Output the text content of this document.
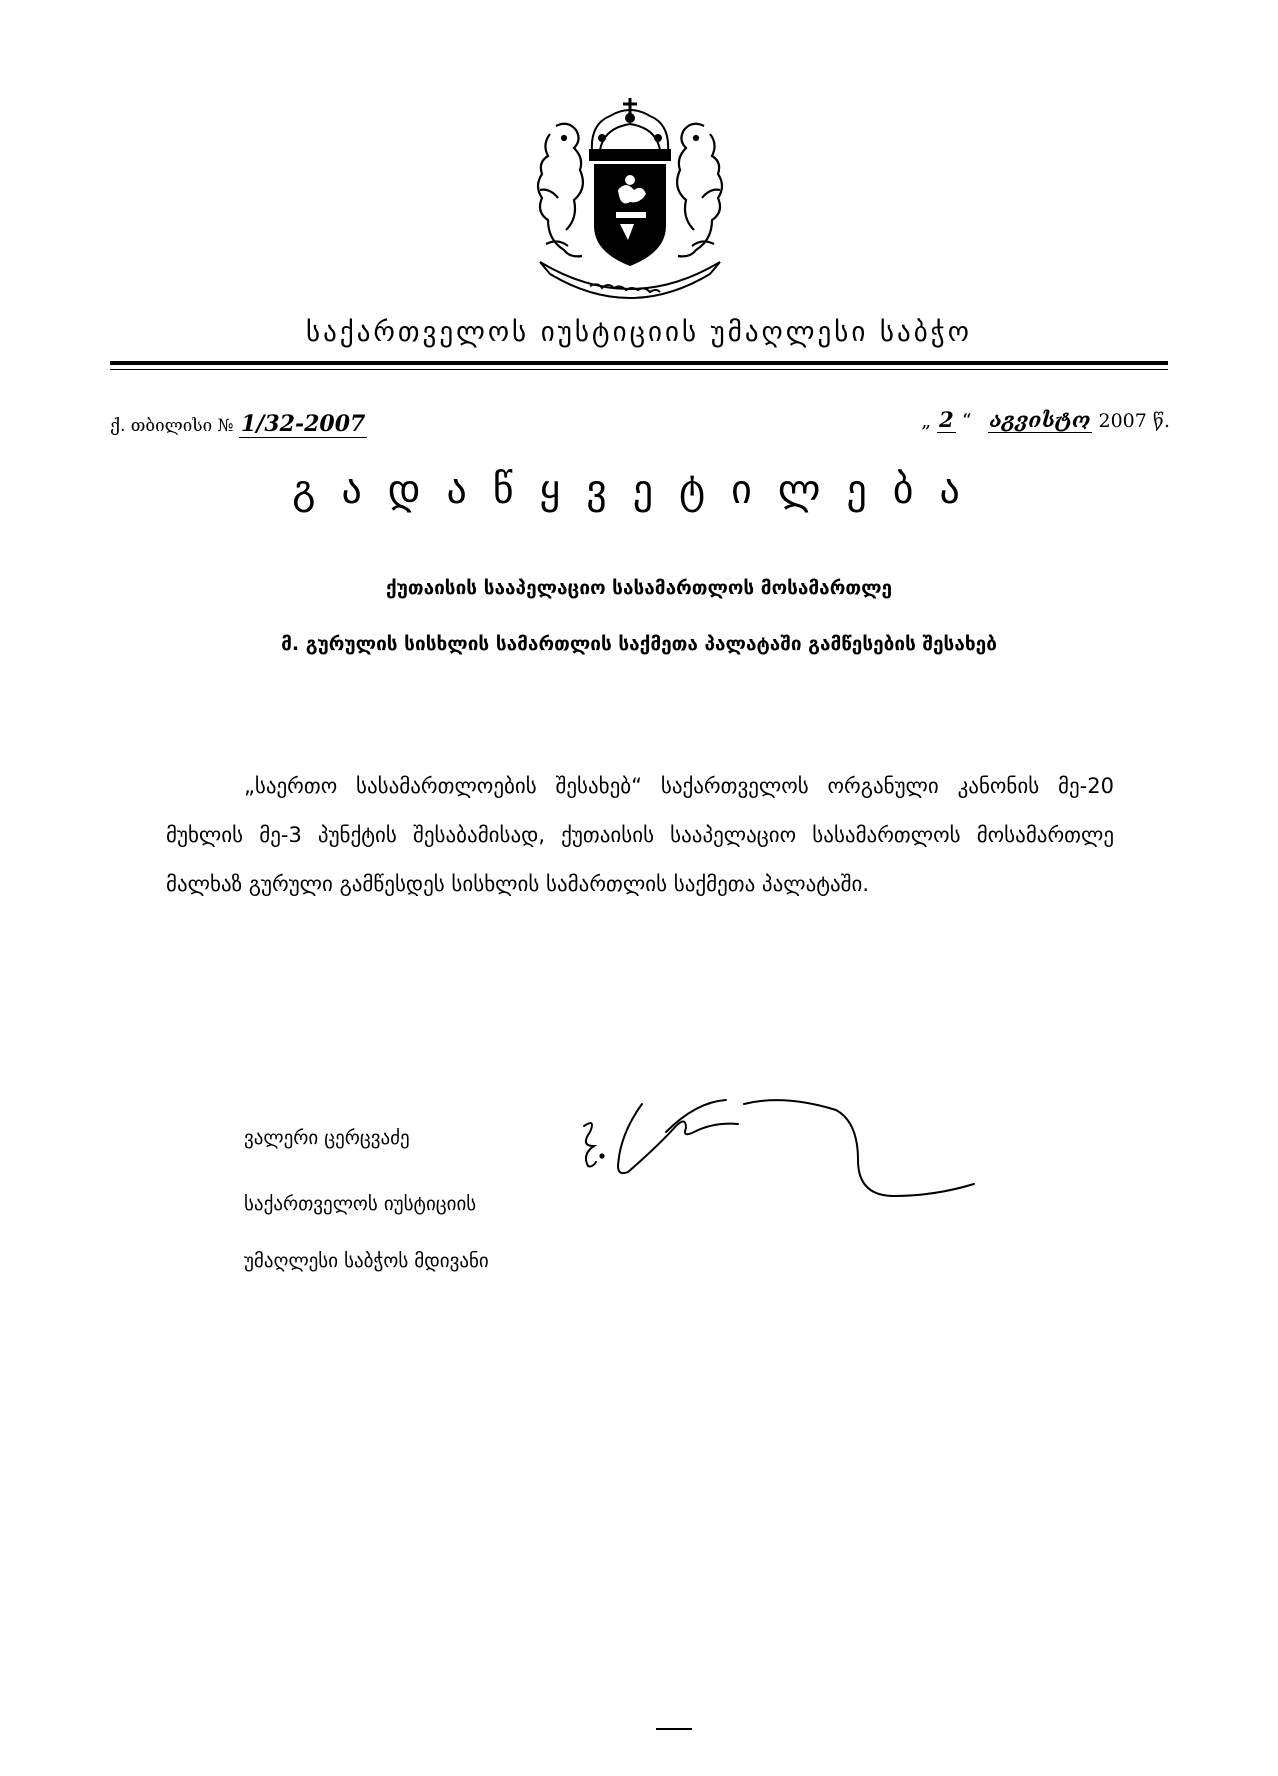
საქართველოს იუსტიციის უმაღლესი საბჭო
ქ. თბილისი № 1/32-2007	„ 2 “ აგვისტო 2007 წ.
გადაწყვეტილება
ქუთაისის სააპელაციო სასამართლოს მოსამართლე
მ. გურულის სისხლის სამართლის საქმეთა პალატაში გამწესების შესახებ
„საერთო სასამართლოების შესახებ“ საქართველოს ორგანული კანონის მე-20 მუხლის მე-3 პუნქტის შესაბამისად, ქუთაისის სააპელაციო სასამართლოს მოსამართლე მალხაზ გურული გამწესდეს სისხლის სამართლის საქმეთა პალატაში.
ვალერი ცერცვაძე
საქართველოს იუსტიციის
უმაღლესი საბჭოს მდივანი
